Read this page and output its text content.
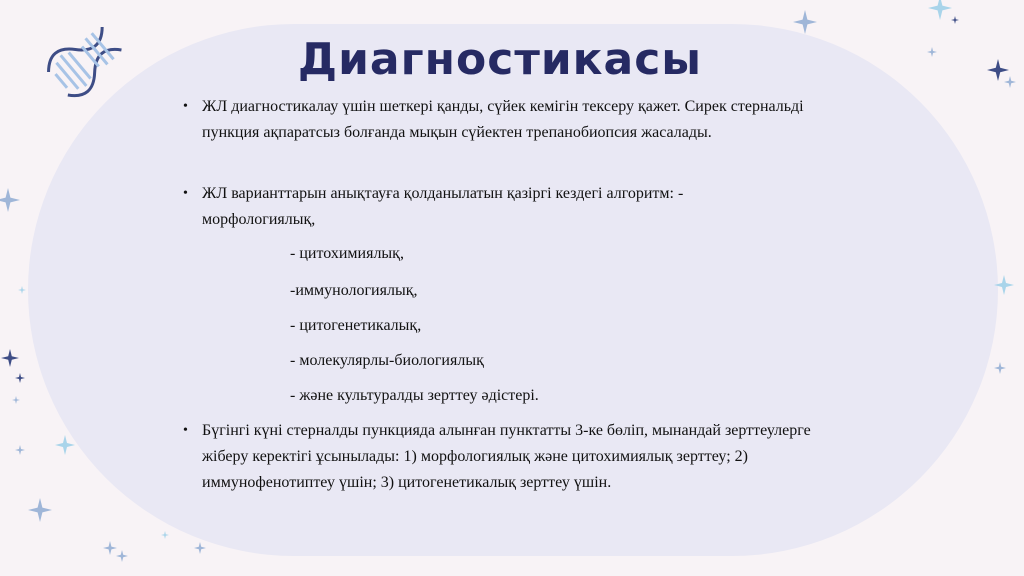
Диагностикасы
• ЖЛ диагностикалау үшін шеткері қанды, сүйек кемігін тексеру қажет. Сирек стернальді пункция ақпаратсыз болғанда мықын сүйектен трепанобиопсия жасалады.
• ЖЛ варианттарын анықтауға қолданылатын қазіргі кездегі алгоритм: - морфологиялық,
- цитохимиялық,
-иммунологиялық,
- цитогенетикалық,
- молекулярлы-биологиялық
- және культуралды зерттеу әдістері.
• Бүгінгі күні стерналды пункцияда алынған пунктатты 3-ке бөліп, мынандай зерттеулерге жіберу керектігі ұсынылады: 1) морфологиялық және цитохимиялық зерттеу; 2) иммунофенотиптеу үшін; 3) цитогенетикалық зерттеу үшін.
